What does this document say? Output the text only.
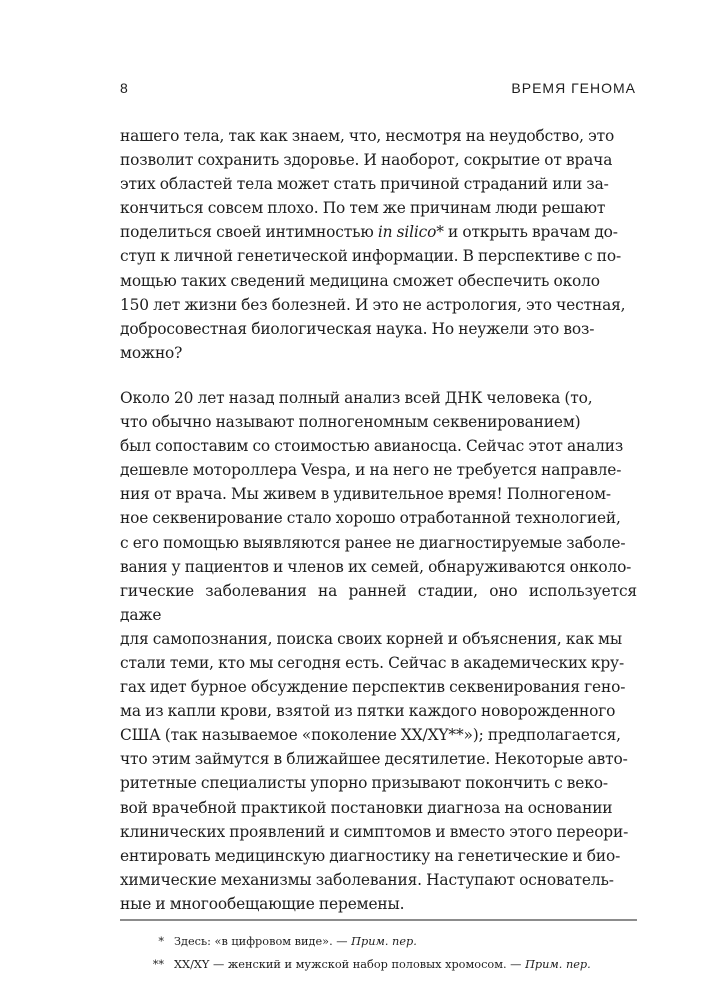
8	ВРЕМЯ ГЕНОМА

нашего тела, так как знаем, что, несмотря на неудобство, это
позволит сохранить здоровье. И наоборот, сокрытие от врача
этих областей тела может стать причиной страданий или за-
кончиться совсем плохо. По тем же причинам люди решают
поделиться своей интимностью in silico* и открыть врачам до-
ступ к личной генетической информации. В перспективе с по-
мощью таких сведений медицина сможет обеспечить около
150 лет жизни без болезней. И это не астрология, это честная,
добросовестная биологическая наука. Но неужели это воз-
можно?

Около 20 лет назад полный анализ всей ДНК человека (то,
что обычно называют полногеномным секвенированием)
был сопоставим со стоимостью авианосца. Сейчас этот анализ
дешевле мотороллера Vespa, и на него не требуется направле-
ния от врача. Мы живем в удивительное время! Полногеном-
ное секвенирование стало хорошо отработанной технологией,
с его помощью выявляются ранее не диагностируемые заболе-
вания у пациентов и членов их семей, обнаруживаются онколо-
гические заболевания на ранней стадии, оно используется даже
для самопознания, поиска своих корней и объяснения, как мы
стали теми, кто мы сегодня есть. Сейчас в академических кру-
гах идет бурное обсуждение перспектив секвенирования гено-
ма из капли крови, взятой из пятки каждого новорожденного
США (так называемое «поколение XX/XY**»); предполагается,
что этим займутся в ближайшее десятилетие. Некоторые авто-
ритетные специалисты упорно призывают покончить с веко-
вой врачебной практикой постановки диагноза на основании
клинических проявлений и симптомов и вместо этого переори-
ентировать медицинскую диагностику на генетические и био-
химические механизмы заболевания. Наступают основатель-
ные и многообещающие перемены.

* Здесь: «в цифровом виде». — Прим. пер.
** XX/XY — женский и мужской набор половых хромосом. — Прим. пер.
